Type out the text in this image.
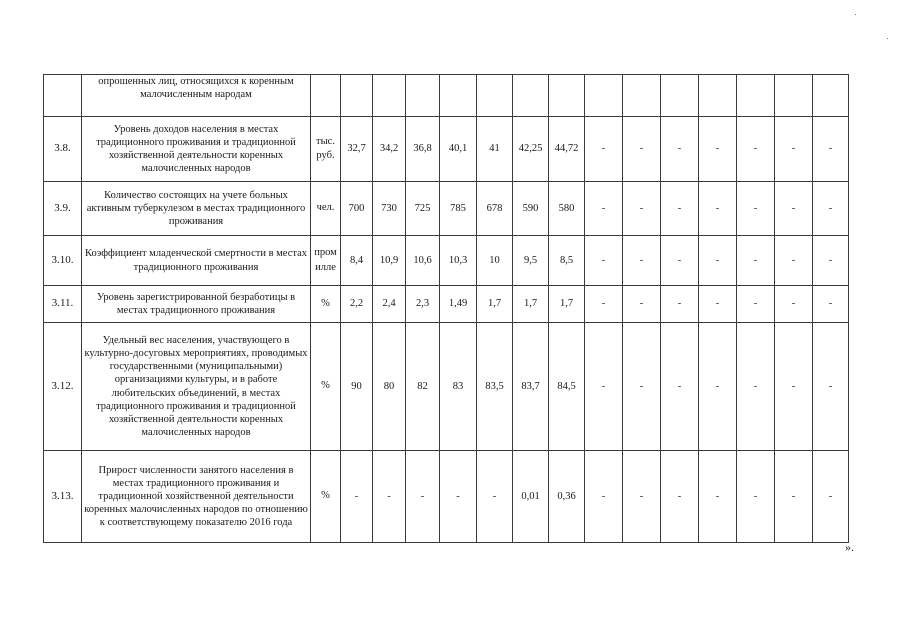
	опрошенных лиц, относящихся к коренным малочисленным народам															
3.8.	Уровень доходов населения в местах традиционного проживания и традиционной хозяйственной деятельности коренных малочисленных народов	тыс. руб.	32,7	34,2	36,8	40,1	41	42,25	44,72	-	-	-	-	-	-	-
3.9.	Количество состоящих на учете больных активным туберкулезом в местах традиционного проживания	чел.	700	730	725	785	678	590	580	-	-	-	-	-	-	-
3.10.	Коэффициент младенческой смертности в местах традиционного проживания	промилле	8,4	10,9	10,6	10,3	10	9,5	8,5	-	-	-	-	-	-	-
3.11.	Уровень зарегистрированной безработицы в местах традиционного проживания	%	2,2	2,4	2,3	1,49	1,7	1,7	1,7	-	-	-	-	-	-	-
3.12.	Удельный вес населения, участвующего в культурно-досуговых мероприятиях, проводимых государственными (муниципальными) организациями культуры, и в работе любительских объединений, в местах традиционного проживания и традиционной хозяйственной деятельности коренных малочисленных народов	%	90	80	82	83	83,5	83,7	84,5	-	-	-	-	-	-	-
3.13.	Прирост численности занятого населения в местах традиционного проживания и традиционной хозяйственной деятельности коренных малочисленных народов по отношению к соответствующему показателю 2016 года	%	-	-	-	-	-	0,01	0,36	-	-	-	-	-	-	-
».
